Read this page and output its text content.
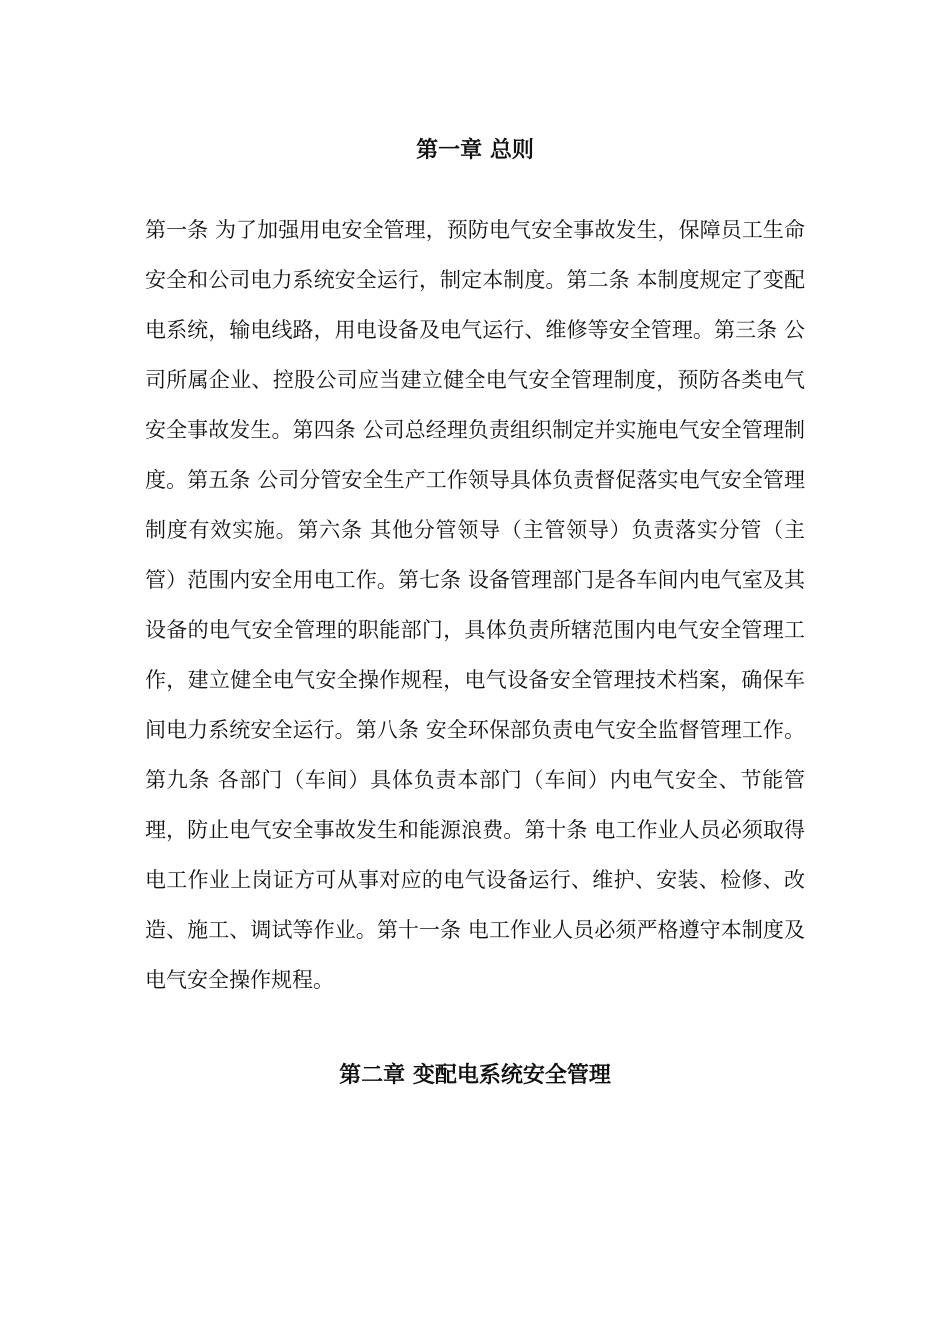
第一章 总则

第一条 为了加强用电安全管理，预防电气安全事故发生，保障员工生命安全和公司电力系统安全运行，制定本制度。第二条 本制度规定了变配电系统，输电线路，用电设备及电气运行、维修等安全管理。第三条 公司所属企业、控股公司应当建立健全电气安全管理制度，预防各类电气安全事故发生。第四条 公司总经理负责组织制定并实施电气安全管理制度。第五条 公司分管安全生产工作领导具体负责督促落实电气安全管理制度有效实施。第六条 其他分管领导（主管领导）负责落实分管（主管）范围内安全用电工作。第七条 设备管理部门是各车间内电气室及其设备的电气安全管理的职能部门，具体负责所辖范围内电气安全管理工作，建立健全电气安全操作规程，电气设备安全管理技术档案，确保车间电力系统安全运行。第八条 安全环保部负责电气安全监督管理工作。第九条 各部门（车间）具体负责本部门（车间）内电气安全、节能管理，防止电气安全事故发生和能源浪费。第十条 电工作业人员必须取得电工作业上岗证方可从事对应的电气设备运行、维护、安装、检修、改造、施工、调试等作业。第十一条 电工作业人员必须严格遵守本制度及电气安全操作规程。

第二章 变配电系统安全管理
